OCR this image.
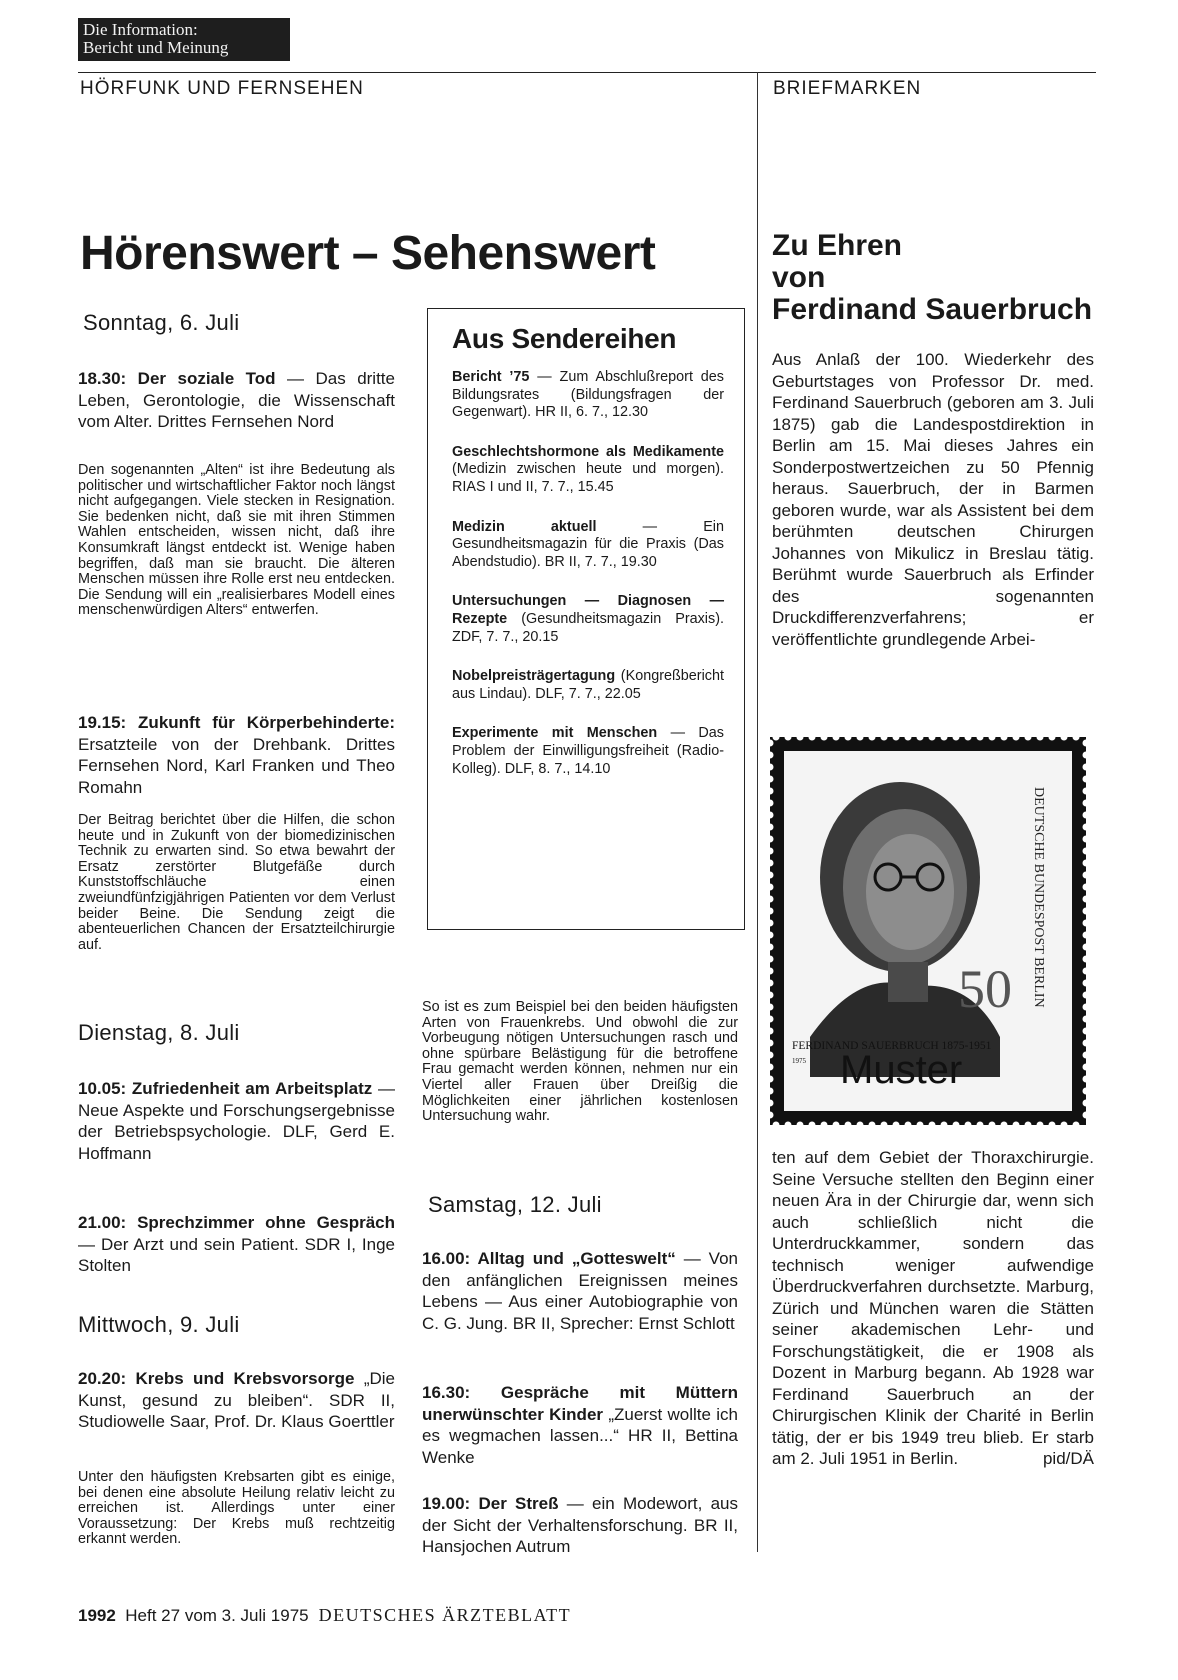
Die Information:
Bericht und Meinung
HÖRFUNK UND FERNSEHEN	BRIEFMARKEN
Hörenswert – Sehenswert
Sonntag, 6. Juli

18.30: Der soziale Tod — Das dritte Leben, Gerontologie, die Wissenschaft vom Alter. Drittes Fernsehen Nord

Den sogenannten „Alten“ ist ihre Bedeutung als politischer und wirtschaftlicher Faktor noch längst nicht aufgegangen. Viele stecken in Resignation. Sie bedenken nicht, daß sie mit ihren Stimmen Wahlen entscheiden, wissen nicht, daß ihre Konsumkraft längst entdeckt ist. Wenige haben begriffen, daß man sie braucht. Die älteren Menschen müssen ihre Rolle erst neu entdecken. Die Sendung will ein „realisierbares Modell eines menschenwürdigen Alters“ entwerfen.

19.15: Zukunft für Körperbehinderte: Ersatzteile von der Drehbank. Drittes Fernsehen Nord, Karl Franken und Theo Romahn

Der Beitrag berichtet über die Hilfen, die schon heute und in Zukunft von der biomedizinischen Technik zu erwarten sind. So etwa bewahrt der Ersatz zerstörter Blutgefäße durch Kunststoffschläuche einen zweiundfünfzigjährigen Patienten vor dem Verlust beider Beine. Die Sendung zeigt die abenteuerlichen Chancen der Ersatzteilchirurgie auf.

Dienstag, 8. Juli

10.05: Zufriedenheit am Arbeitsplatz — Neue Aspekte und Forschungsergebnisse der Betriebspsychologie. DLF, Gerd E. Hoffmann

21.00: Sprechzimmer ohne Gespräch — Der Arzt und sein Patient. SDR I, Inge Stolten

Mittwoch, 9. Juli

20.20: Krebs und Krebsvorsorge „Die Kunst, gesund zu bleiben“. SDR II, Studiowelle Saar, Prof. Dr. Klaus Goerttler

Unter den häufigsten Krebsarten gibt es einige, bei denen eine absolute Heilung relativ leicht zu erreichen ist. Allerdings unter einer Voraussetzung: Der Krebs muß rechtzeitig erkannt werden.

Aus Sendereihen

Bericht ’75 — Zum Abschlußreport des Bildungsrates (Bildungsfragen der Gegenwart). HR II, 6. 7., 12.30

Geschlechtshormone als Medikamente (Medizin zwischen heute und morgen). RIAS I und II, 7. 7., 15.45

Medizin aktuell — Ein Gesundheitsmagazin für die Praxis (Das Abendstudio). BR II, 7. 7., 19.30

Untersuchungen — Diagnosen — Rezepte (Gesundheitsmagazin Praxis). ZDF, 7. 7., 20.15

Nobelpreisträgertagung (Kongreßbericht aus Lindau). DLF, 7. 7., 22.05

Experimente mit Menschen — Das Problem der Einwilligungsfreiheit (Radio-Kolleg). DLF, 8. 7., 14.10

So ist es zum Beispiel bei den beiden häufigsten Arten von Frauenkrebs. Und obwohl die zur Vorbeugung nötigen Untersuchungen rasch und ohne spürbare Belästigung für die betroffene Frau gemacht werden können, nehmen nur ein Viertel aller Frauen über Dreißig die Möglichkeiten einer jährlichen kostenlosen Untersuchung wahr.

Samstag, 12. Juli

16.00: Alltag und „Gotteswelt“ — Von den anfänglichen Ereignissen meines Lebens — Aus einer Autobiographie von C. G. Jung. BR II, Sprecher: Ernst Schlott

16.30: Gespräche mit Müttern unerwünschter Kinder „Zuerst wollte ich es wegmachen lassen...“ HR II, Bettina Wenke

19.00: Der Streß — ein Modewort, aus der Sicht der Verhaltensforschung. BR II, Hansjochen Autrum

Zu Ehren
von
Ferdinand Sauerbruch

Aus Anlaß der 100. Wiederkehr des Geburtstages von Professor Dr. med. Ferdinand Sauerbruch (geboren am 3. Juli 1875) gab die Landespostdirektion in Berlin am 15. Mai dieses Jahres ein Sonderpostwertzeichen zu 50 Pfennig heraus. Sauerbruch, der in Barmen geboren wurde, war als Assistent bei dem berühmten deutschen Chirurgen Johannes von Mikulicz in Breslau tätig. Berühmt wurde Sauerbruch als Erfinder des sogenannten Druckdifferenzverfahrens; er veröffentlichte grundlegende Arbei-

DEUTSCHE BUNDESPOST BERLIN
50
FERDINAND SAUERBRUCH 1875-1951
1975 Muster

ten auf dem Gebiet der Thoraxchirurgie. Seine Versuche stellten den Beginn einer neuen Ära in der Chirurgie dar, wenn sich auch schließlich nicht die Unterdruckkammer, sondern das technisch weniger aufwendige Überdruckverfahren durchsetzte. Marburg, Zürich und München waren die Stätten seiner akademischen Lehr- und Forschungstätigkeit, die er 1908 als Dozent in Marburg begann. Ab 1928 war Ferdinand Sauerbruch an der Chirurgischen Klinik der Charité in Berlin tätig, der er bis 1949 treu blieb. Er starb am 2. Juli 1951 in Berlin.	pid/DÄ

1992 Heft 27 vom 3. Juli 1975 DEUTSCHES ÄRZTEBLATT
